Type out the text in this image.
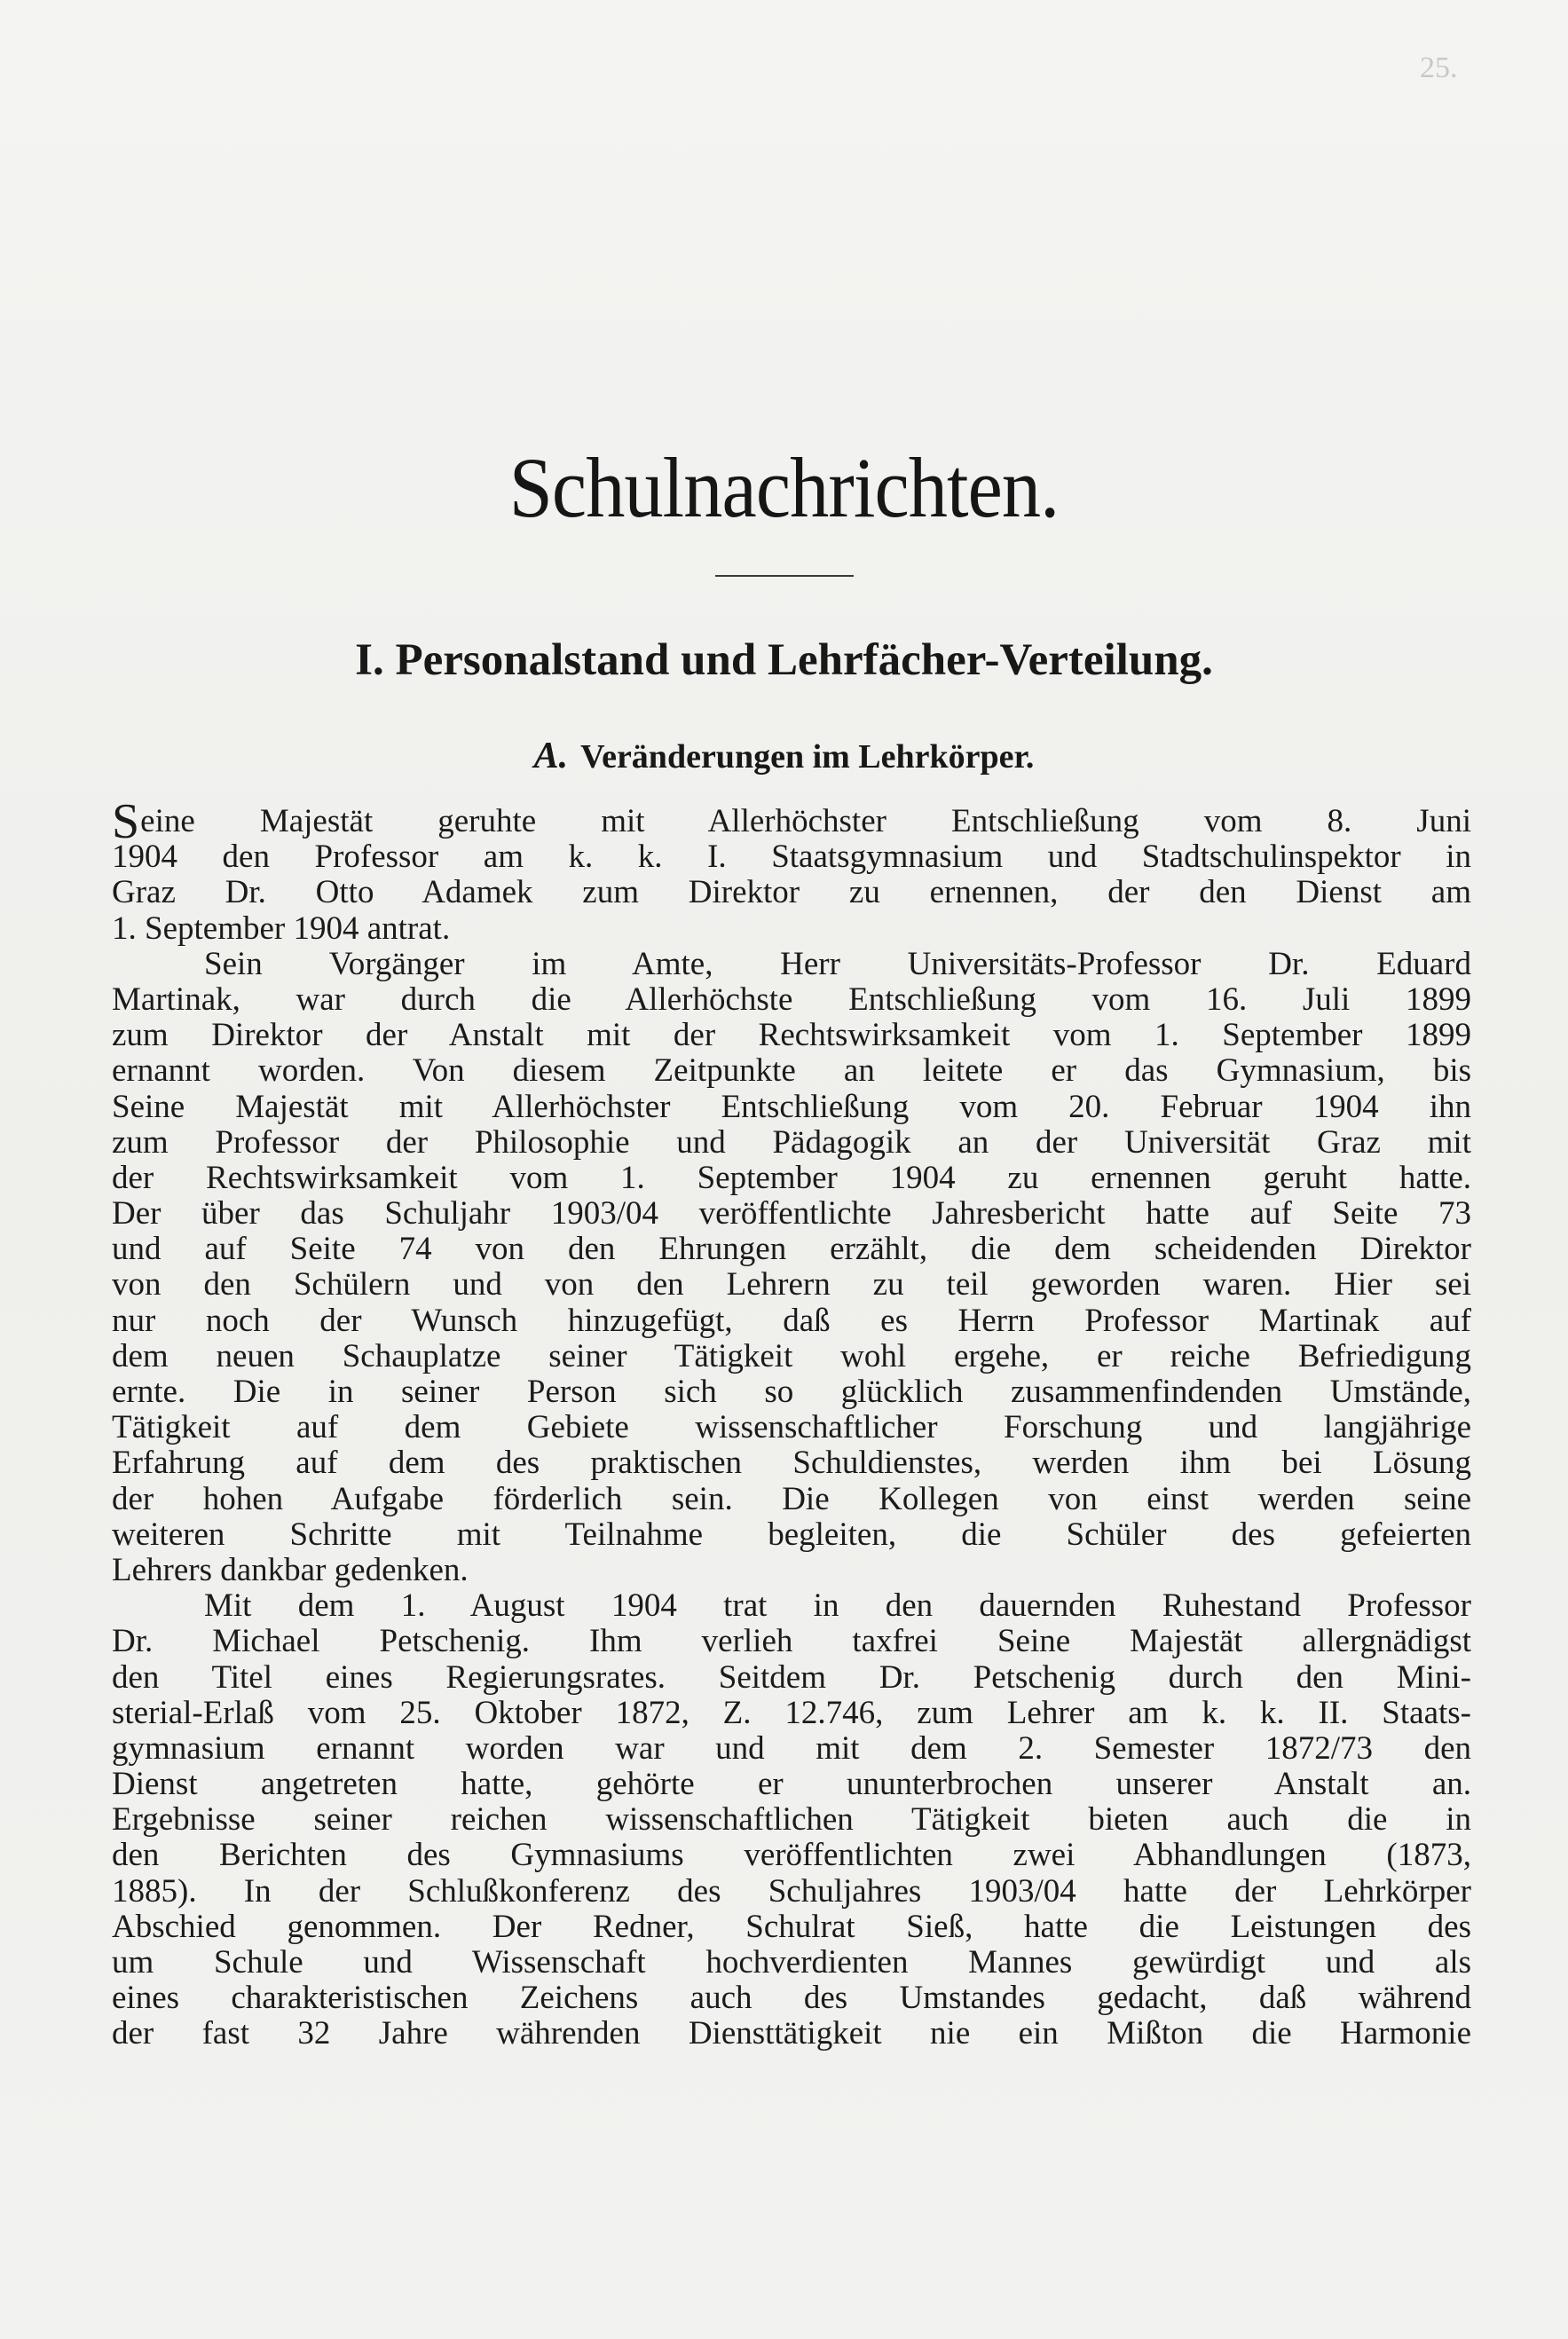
25.
Schulnachrichten.
I. Personalstand und Lehrfächer-Verteilung.
A. Veränderungen im Lehrkörper.
Seine Majestät geruhte mit Allerhöchster Entschließung vom 8. Juni
1904 den Professor am k. k. I. Staatsgymnasium und Stadtschulinspektor in
Graz Dr. Otto Adamek zum Direktor zu ernennen, der den Dienst am
1. September 1904 antrat.
Sein Vorgänger im Amte, Herr Universitäts-Professor Dr. Eduard
Martinak, war durch die Allerhöchste Entschließung vom 16. Juli 1899
zum Direktor der Anstalt mit der Rechtswirksamkeit vom 1. September 1899
ernannt worden. Von diesem Zeitpunkte an leitete er das Gymnasium, bis
Seine Majestät mit Allerhöchster Entschließung vom 20. Februar 1904 ihn
zum Professor der Philosophie und Pädagogik an der Universität Graz mit
der Rechtswirksamkeit vom 1. September 1904 zu ernennen geruht hatte.
Der über das Schuljahr 1903/04 veröffentlichte Jahresbericht hatte auf Seite 73
und auf Seite 74 von den Ehrungen erzählt, die dem scheidenden Direktor
von den Schülern und von den Lehrern zu teil geworden waren. Hier sei
nur noch der Wunsch hinzugefügt, daß es Herrn Professor Martinak auf
dem neuen Schauplatze seiner Tätigkeit wohl ergehe, er reiche Befriedigung
ernte. Die in seiner Person sich so glücklich zusammenfindenden Umstände,
Tätigkeit auf dem Gebiete wissenschaftlicher Forschung und langjährige
Erfahrung auf dem des praktischen Schuldienstes, werden ihm bei Lösung
der hohen Aufgabe förderlich sein. Die Kollegen von einst werden seine
weiteren Schritte mit Teilnahme begleiten, die Schüler des gefeierten
Lehrers dankbar gedenken.
Mit dem 1. August 1904 trat in den dauernden Ruhestand Professor
Dr. Michael Petschenig. Ihm verlieh taxfrei Seine Majestät allergnädigst
den Titel eines Regierungsrates. Seitdem Dr. Petschenig durch den Mini-
sterial-Erlaß vom 25. Oktober 1872, Z. 12.746, zum Lehrer am k. k. II. Staats-
gymnasium ernannt worden war und mit dem 2. Semester 1872/73 den
Dienst angetreten hatte, gehörte er ununterbrochen unserer Anstalt an.
Ergebnisse seiner reichen wissenschaftlichen Tätigkeit bieten auch die in
den Berichten des Gymnasiums veröffentlichten zwei Abhandlungen (1873,
1885). In der Schlußkonferenz des Schuljahres 1903/04 hatte der Lehrkörper
Abschied genommen. Der Redner, Schulrat Sieß, hatte die Leistungen des
um Schule und Wissenschaft hochverdienten Mannes gewürdigt und als
eines charakteristischen Zeichens auch des Umstandes gedacht, daß während
der fast 32 Jahre währenden Diensttätigkeit nie ein Mißton die Harmonie
